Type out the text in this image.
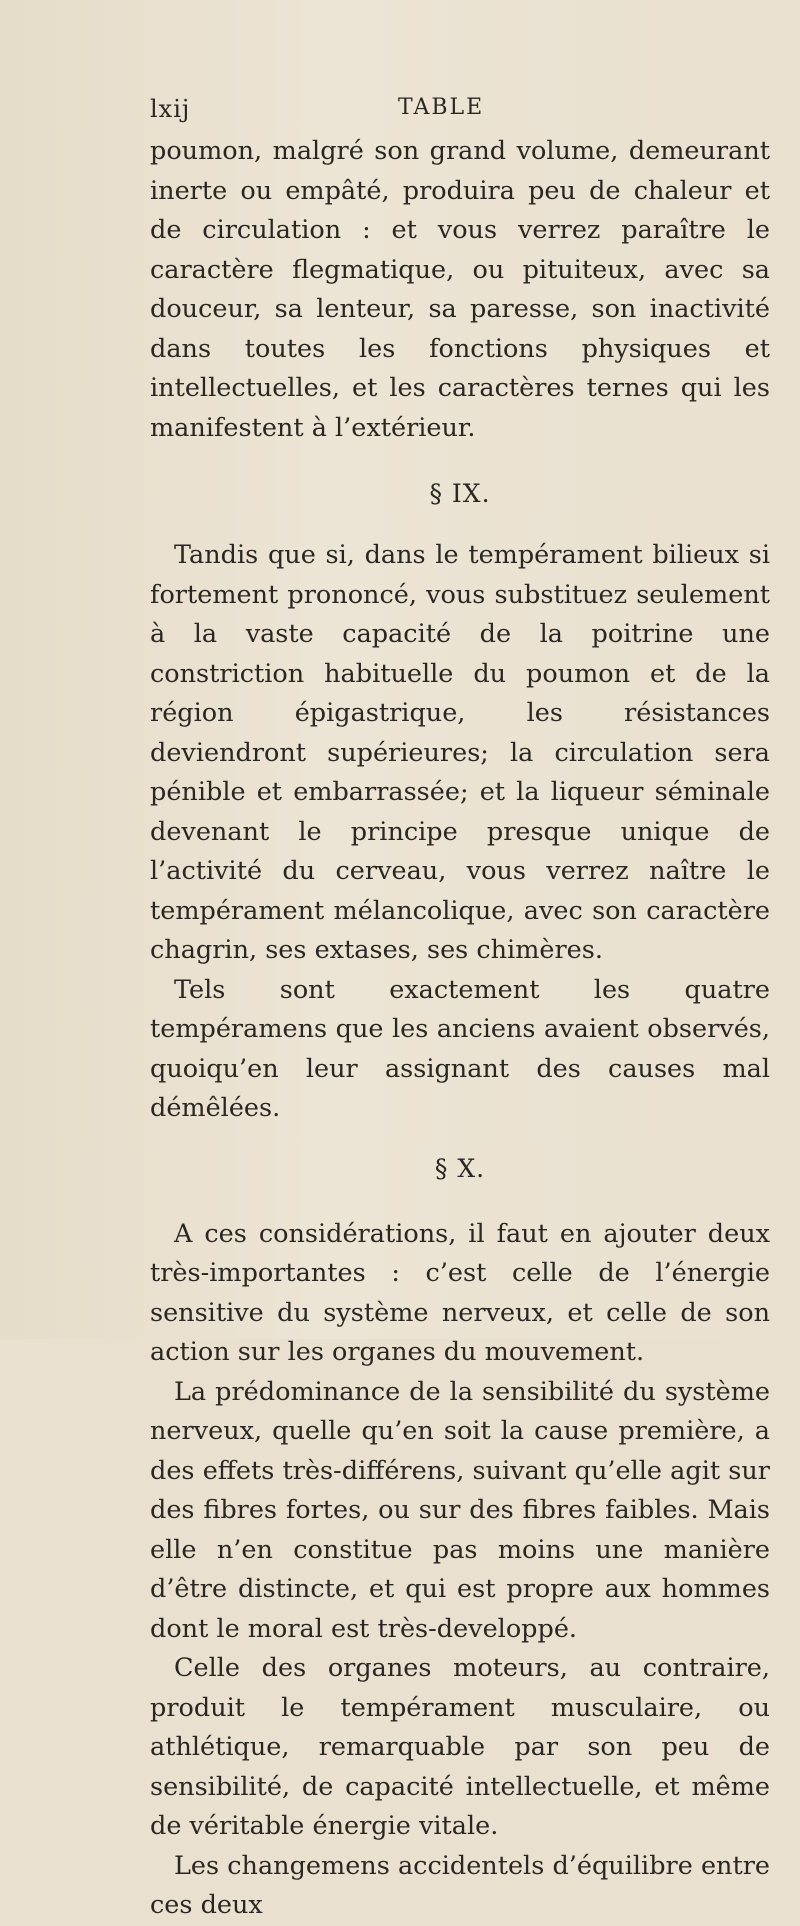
lxij	TABLE

poumon, malgré son grand volume, demeurant inerte ou empâté, produira peu de chaleur et de circulation : et vous verrez paraître le caractère flegmatique, ou pituiteux, avec sa douceur, sa lenteur, sa paresse, son inactivité dans toutes les fonctions physiques et intellectuelles, et les caractères ternes qui les manifestent à l’extérieur.

§ IX.

Tandis que si, dans le tempérament bilieux si fortement prononcé, vous substituez seulement à la vaste capacité de la poitrine une constriction habituelle du poumon et de la région épigastrique, les résistances deviendront supérieures; la circulation sera pénible et embarrassée; et la liqueur séminale devenant le principe presque unique de l’activité du cerveau, vous verrez naître le tempérament mélancolique, avec son caractère chagrin, ses extases, ses chimères.

Tels sont exactement les quatre tempéramens que les anciens avaient observés, quoiqu’en leur assignant des causes mal démêlées.

§ X.

A ces considérations, il faut en ajouter deux très-importantes : c’est celle de l’énergie sensitive du système nerveux, et celle de son action sur les organes du mouvement.

La prédominance de la sensibilité du système nerveux, quelle qu’en soit la cause première, a des effets très-différens, suivant qu’elle agit sur des fibres fortes, ou sur des fibres faibles. Mais elle n’en constitue pas moins une manière d’être distincte, et qui est propre aux hommes dont le moral est très-developpé.

Celle des organes moteurs, au contraire, produit le tempérament musculaire, ou athlétique, remarquable par son peu de sensibilité, de capacité intellectuelle, et même de véritable énergie vitale.

Les changemens accidentels d’équilibre entre ces deux
